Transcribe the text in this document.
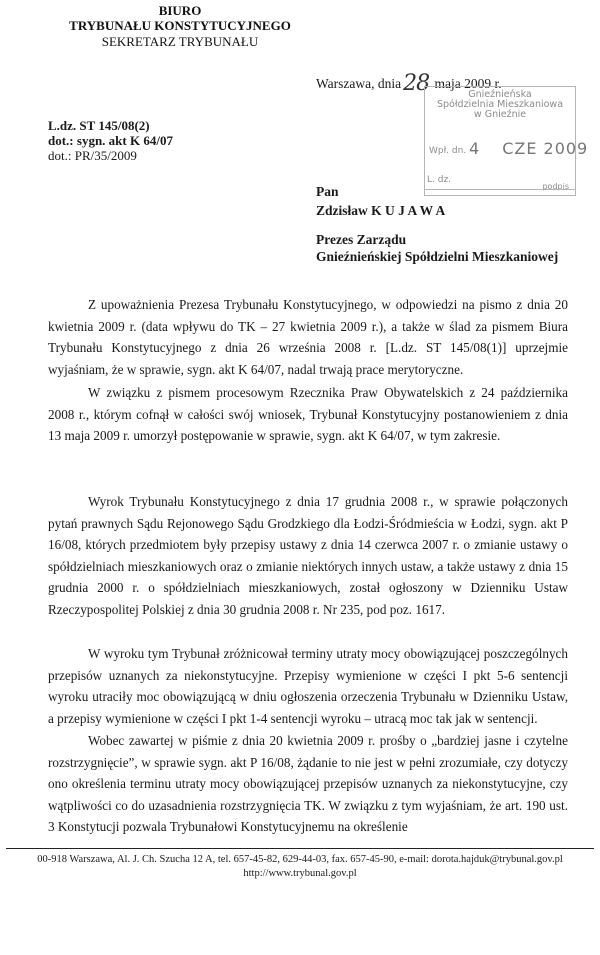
BIURO
TRYBUNAŁU KONSTYTUCYJNEGO
SEKRETARZ TRYBUNAŁU
L.dz. ST 145/08(2)
dot.: sygn. akt K 64/07
dot.: PR/35/2009
Warszawa, dnia28 maja 2009 r.
Gnieźnieńska
Spółdzielnia Mieszkaniowa
w Gnieźnie
Wpł. dn. 4 CZE 2009
L. dz.
podpis
Pan
Zdzisław K U J A W A
Prezes Zarządu
Gnieźnieńskiej Spółdzielni Mieszkaniowej

Z upoważnienia Prezesa Trybunału Konstytucyjnego, w odpowiedzi na pismo z dnia 20 kwietnia 2009 r. (data wpływu do TK – 27 kwietnia 2009 r.), a także w ślad za pismem Biura Trybunału Konstytucyjnego z dnia 26 września 2008 r. [L.dz. ST 145/08(1)] uprzejmie wyjaśniam, że w sprawie, sygn. akt K 64/07, nadal trwają prace merytoryczne.

W związku z pismem procesowym Rzecznika Praw Obywatelskich z 24 października 2008 r., którym cofnął w całości swój wniosek, Trybunał Konstytucyjny postanowieniem z dnia 13 maja 2009 r. umorzył postępowanie w sprawie, sygn. akt K 64/07, w tym zakresie.

Wyrok Trybunału Konstytucyjnego z dnia 17 grudnia 2008 r., w sprawie połączonych pytań prawnych Sądu Rejonowego Sądu Grodzkiego dla Łodzi-Śródmieścia w Łodzi, sygn. akt P 16/08, których przedmiotem były przepisy ustawy z dnia 14 czerwca 2007 r. o zmianie ustawy o spółdzielniach mieszkaniowych oraz o zmianie niektórych innych ustaw, a także ustawy z dnia 15 grudnia 2000 r. o spółdzielniach mieszkaniowych, został ogłoszony w Dzienniku Ustaw Rzeczypospolitej Polskiej z dnia 30 grudnia 2008 r. Nr 235, pod poz. 1617.

W wyroku tym Trybunał zróżnicował terminy utraty mocy obowiązującej poszczególnych przepisów uznanych za niekonstytucyjne. Przepisy wymienione w części I pkt 5-6 sentencji wyroku utraciły moc obowiązującą w dniu ogłoszenia orzeczenia Trybunału w Dzienniku Ustaw, a przepisy wymienione w części I pkt 1-4 sentencji wyroku – utracą moc tak jak w sentencji.

Wobec zawartej w piśmie z dnia 20 kwietnia 2009 r. prośby o „bardziej jasne i czytelne rozstrzygnięcie”, w sprawie sygn. akt P 16/08, żądanie to nie jest w pełni zrozumiałe, czy dotyczy ono określenia terminu utraty mocy obowiązującej przepisów uznanych za niekonstytucyjne, czy wątpliwości co do uzasadnienia rozstrzygnięcia TK. W związku z tym wyjaśniam, że art. 190 ust. 3 Konstytucji pozwala Trybunałowi Konstytucyjnemu na określenie

00-918 Warszawa, Al. J. Ch. Szucha 12 A, tel. 657-45-82, 629-44-03, fax. 657-45-90, e-mail: dorota.hajduk@trybunal.gov.pl
http://www.trybunal.gov.pl
